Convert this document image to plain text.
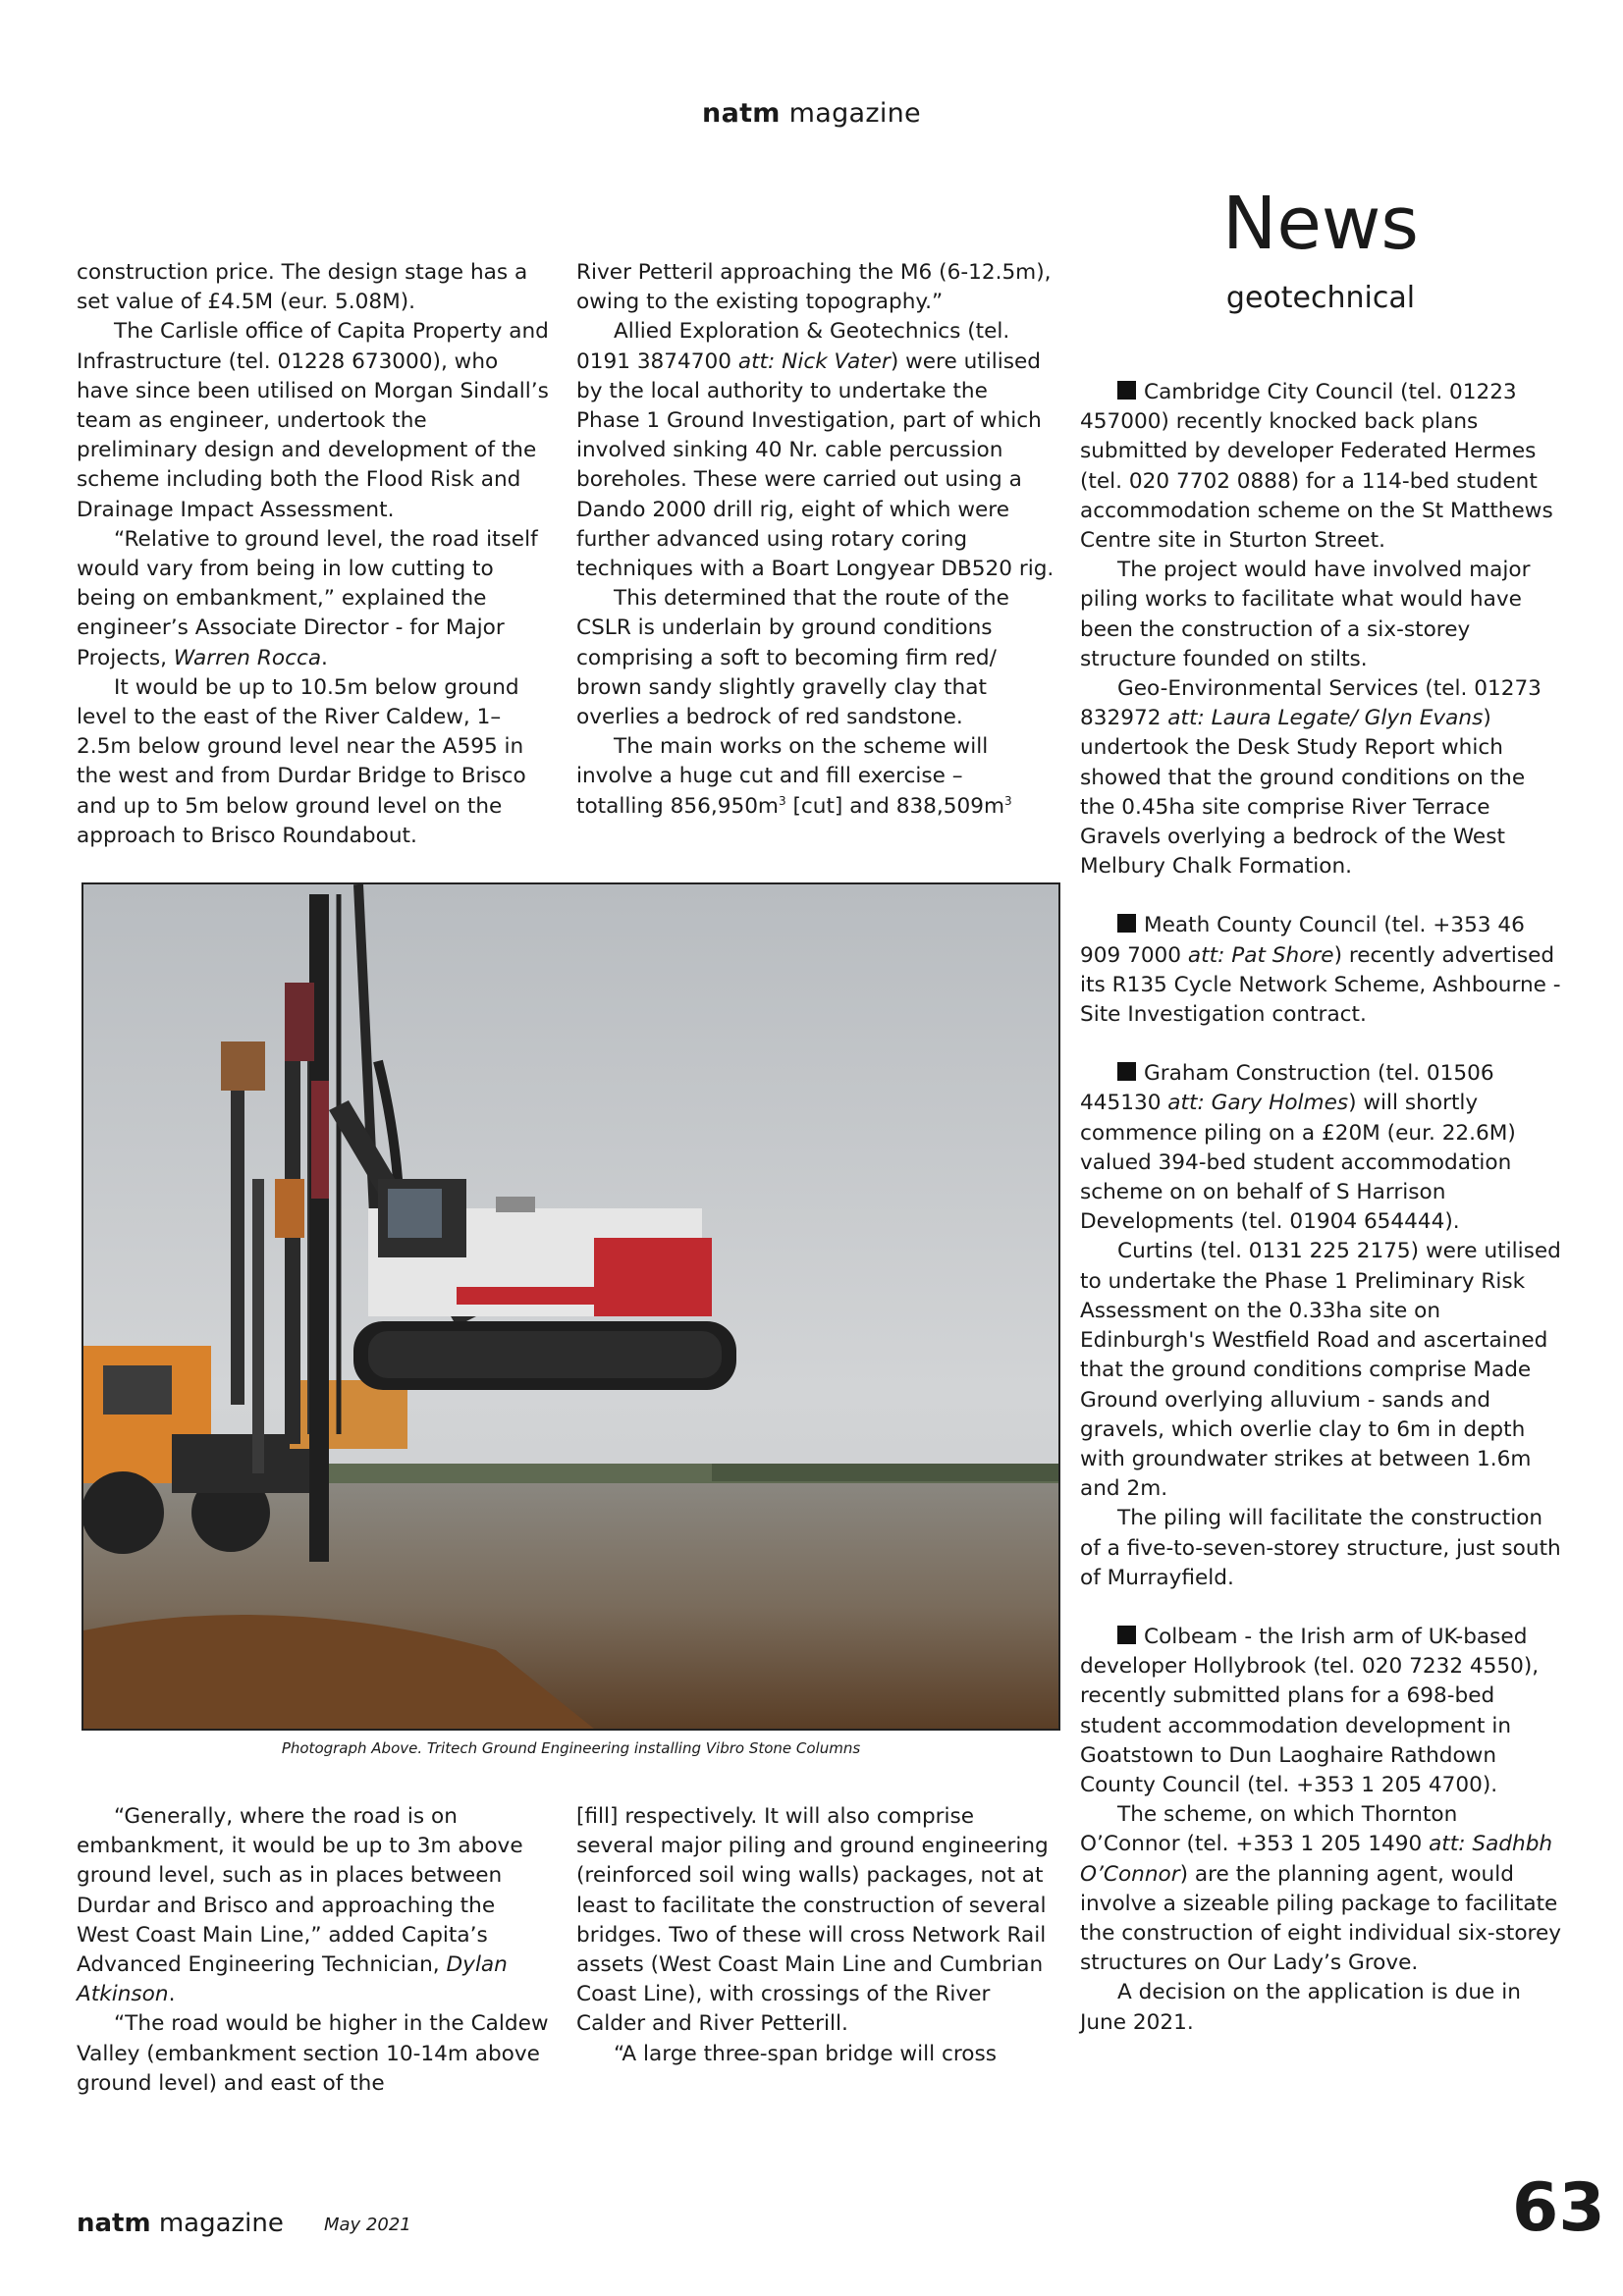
natm magazine
News
geotechnical

construction price. The design stage has a set value of £4.5M (eur. 5.08M).

The Carlisle office of Capita Property and Infrastructure (tel. 01228 673000), who have since been utilised on Morgan Sindall’s team as engineer, undertook the preliminary design and development of the scheme including both the Flood Risk and Drainage Impact Assessment.

“Relative to ground level, the road itself would vary from being in low cutting to being on embankment,” explained the engineer’s Associate Director - for Major Projects, Warren Rocca.

It would be up to 10.5m below ground level to the east of the River Caldew, 1–2.5m below ground level near the A595 in the west and from Durdar Bridge to Brisco and up to 5m below ground level on the approach to Brisco Roundabout.

River Petteril approaching the M6 (6-12.5m), owing to the existing topography.”

Allied Exploration & Geotechnics (tel. 0191 3874700 att: Nick Vater) were utilised by the local authority to undertake the Phase 1 Ground Investigation, part of which involved sinking 40 Nr. cable percussion boreholes. These were carried out using a Dando 2000 drill rig, eight of which were further advanced using rotary coring techniques with a Boart Longyear DB520 rig.

This determined that the route of the CSLR is underlain by ground conditions comprising a soft to becoming firm red/ brown sandy slightly gravelly clay that overlies a bedrock of red sandstone.

The main works on the scheme will involve a huge cut and fill exercise – totalling $856,950m^3$ [cut] and $838,509m^3$

Photograph Above. Tritech Ground Engineering installing Vibro Stone Columns

“Generally, where the road is on embankment, it would be up to 3m above ground level, such as in places between Durdar and Brisco and approaching the West Coast Main Line,” added Capita’s Advanced Engineering Technician, Dylan Atkinson.

“The road would be higher in the Caldew Valley (embankment section 10-14m above ground level) and east of the

[fill] respectively. It will also comprise several major piling and ground engineering (reinforced soil wing walls) packages, not at least to facilitate the construction of several bridges. Two of these will cross Network Rail assets (West Coast Main Line and Cumbrian Coast Line), with crossings of the River Calder and River Petterill.

“A large three-span bridge will cross

Cambridge City Council (tel. 01223 457000) recently knocked back plans submitted by developer Federated Hermes (tel. 020 7702 0888) for a 114-bed student accommodation scheme on the St Matthews Centre site in Sturton Street.

The project would have involved major piling works to facilitate what would have been the construction of a six-storey structure founded on stilts.

Geo-Environmental Services (tel. 01273 832972 att: Laura Legate/ Glyn Evans) undertook the Desk Study Report which showed that the ground conditions on the the 0.45ha site comprise River Terrace Gravels overlying a bedrock of the West Melbury Chalk Formation.

Meath County Council (tel. +353 46 909 7000 att: Pat Shore) recently advertised its R135 Cycle Network Scheme, Ashbourne - Site Investigation contract.

Graham Construction (tel. 01506 445130 att: Gary Holmes) will shortly commence piling on a £20M (eur. 22.6M) valued 394-bed student accommodation scheme on on behalf of S Harrison Developments (tel. 01904 654444).

Curtins (tel. 0131 225 2175) were utilised to undertake the Phase 1 Preliminary Risk Assessment on the 0.33ha site on Edinburgh's Westfield Road and ascertained that the ground conditions comprise Made Ground overlying alluvium - sands and gravels, which overlie clay to 6m in depth with groundwater strikes at between 1.6m and 2m.

The piling will facilitate the construction of a five-to-seven-storey structure, just south of Murrayfield.

Colbeam - the Irish arm of UK-based developer Hollybrook (tel. 020 7232 4550), recently submitted plans for a 698-bed student accommodation development in Goatstown to Dun Laoghaire Rathdown County Council (tel. +353 1 205 4700).

The scheme, on which Thornton O’Connor (tel. +353 1 205 1490 att: Sadhbh O’Connor) are the planning agent, would involve a sizeable piling package to facilitate the construction of eight individual six-storey structures on Our Lady’s Grove.

A decision on the application is due in June 2021.

natm magazine May 2021	63
